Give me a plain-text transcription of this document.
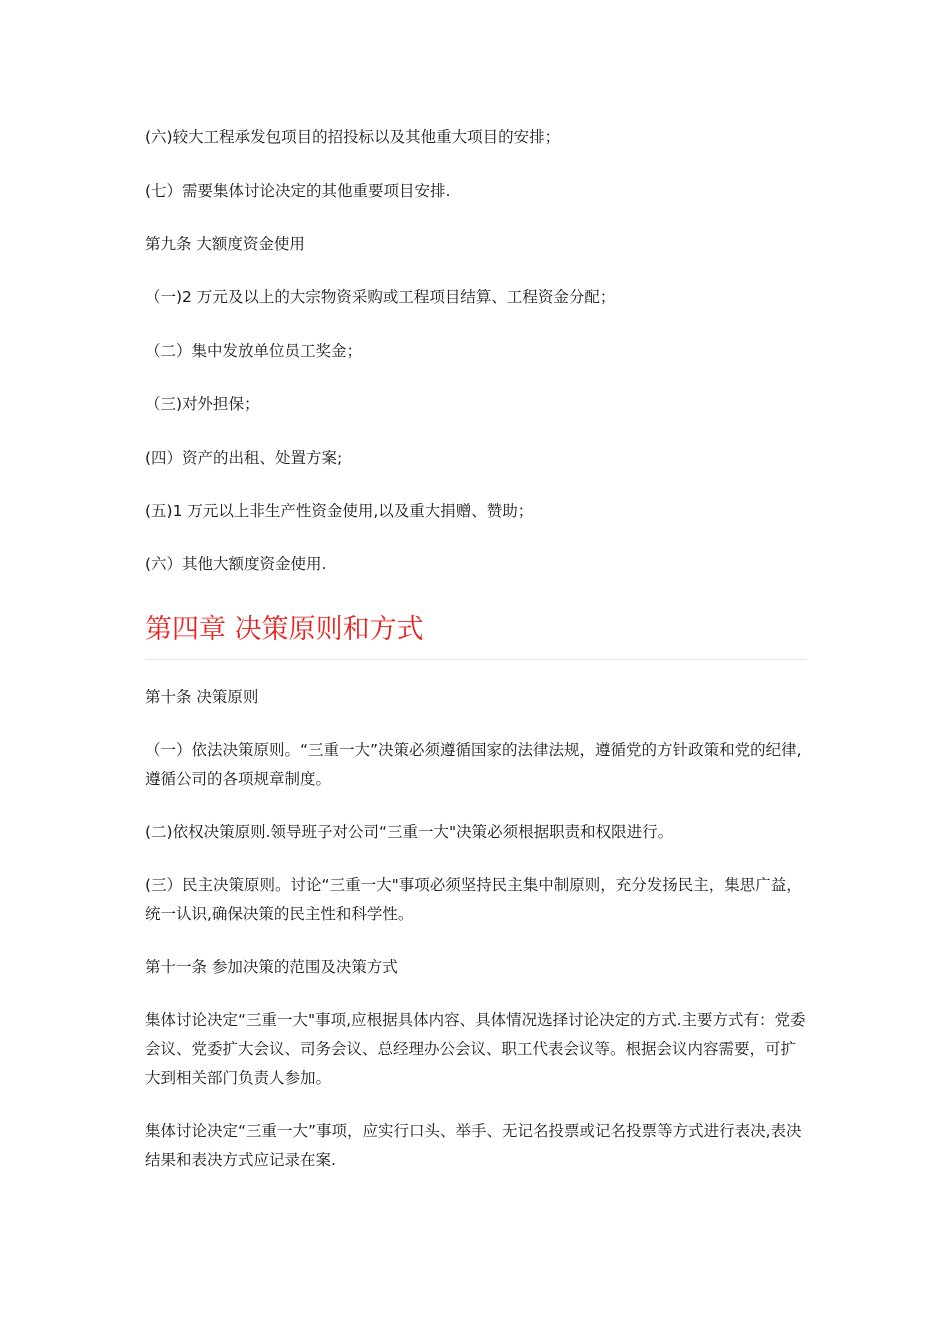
(六)较大工程承发包项目的招投标以及其他重大项目的安排；

(七）需要集体讨论决定的其他重要项目安排.

第九条 大额度资金使用

（一)2 万元及以上的大宗物资采购或工程项目结算、工程资金分配；

（二）集中发放单位员工奖金；

（三)对外担保；

(四）资产的出租、处置方案;

(五)1 万元以上非生产性资金使用,以及重大捐赠、赞助；

(六）其他大额度资金使用.

第四章 决策原则和方式

第十条 决策原则

（一）依法决策原则。“三重一大”决策必须遵循国家的法律法规，遵循党的方针政策和党的纪律,遵循公司的各项规章制度。

(二)依权决策原则.领导班子对公司“三重一大"决策必须根据职责和权限进行。

(三）民主决策原则。讨论“三重一大"事项必须坚持民主集中制原则，充分发扬民主，集思广益，统一认识,确保决策的民主性和科学性。

第十一条 参加决策的范围及决策方式

集体讨论决定“三重一大"事项,应根据具体内容、具体情况选择讨论决定的方式.主要方式有：党委会议、党委扩大会议、司务会议、总经理办公会议、职工代表会议等。根据会议内容需要，可扩大到相关部门负责人参加。

集体讨论决定“三重一大”事项，应实行口头、举手、无记名投票或记名投票等方式进行表决,表决结果和表决方式应记录在案.
